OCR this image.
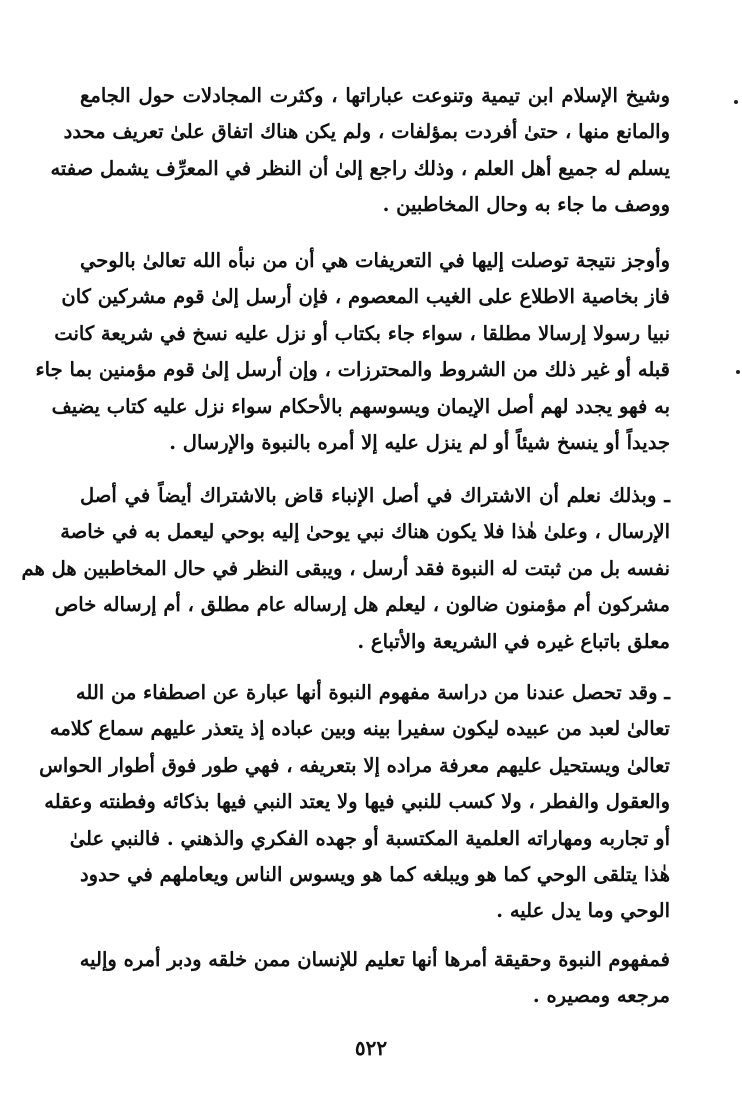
وشيخ الإسلام ابن تيمية وتنوعت عباراتها ، وكثرت المجادلات حول الجامع
والمانع منها ، حتىٰ أفردت بمؤلفات ، ولم يكن هناك اتفاق علىٰ تعريف محدد
يسلم له جميع أهل العلم ، وذلك راجع إلىٰ أن النظر في المعرِّف يشمل صفته
ووصف ما جاء به وحال المخاطبين .
وأوجز نتيجة توصلت إليها في التعريفات هي أن من نبأه الله تعالىٰ بالوحي
فاز بخاصية الاطلاع على الغيب المعصوم ، فإن أرسل إلىٰ قوم مشركين كان
نبيا رسولا إرسالا مطلقا ، سواء جاء بكتاب أو نزل عليه نسخ في شريعة كانت
قبله أو غير ذلك من الشروط والمحترزات ، وإن أرسل إلىٰ قوم مؤمنين بما جاء
به فهو يجدد لهم أصل الإيمان ويسوسهم بالأحكام سواء نزل عليه كتاب يضيف
جديداً أو ينسخ شيئاً أو لم ينزل عليه إلا أمره بالنبوة والإرسال .
ـ وبذلك نعلم أن الاشتراك في أصل الإنباء قاض بالاشتراك أيضاً في أصل
الإرسال ، وعلىٰ هٰذا فلا يكون هناك نبي يوحىٰ إليه بوحي ليعمل به في خاصة
نفسه بل من ثبتت له النبوة فقد أرسل ، ويبقى النظر في حال المخاطبين هل هم
مشركون أم مؤمنون ضالون ، ليعلم هل إرساله عام مطلق ، أم إرساله خاص
معلق باتباع غيره في الشريعة والأتباع .
ـ وقد تحصل عندنا من دراسة مفهوم النبوة أنها عبارة عن اصطفاء من الله
تعالىٰ لعبد من عبيده ليكون سفيرا بينه وبين عباده إذ يتعذر عليهم سماع كلامه
تعالىٰ ويستحيل عليهم معرفة مراده إلا بتعريفه ، فهي طور فوق أطوار الحواس
والعقول والفطر ، ولا كسب للنبي فيها ولا يعتد النبي فيها بذكائه وفطنته وعقله
أو تجاربه ومهاراته العلمية المكتسبة أو جهده الفكري والذهني . فالنبي علىٰ
هٰذا يتلقى الوحي كما هو ويبلغه كما هو ويسوس الناس ويعاملهم في حدود
الوحي وما يدل عليه .
فمفهوم النبوة وحقيقة أمرها أنها تعليم للإنسان ممن خلقه ودبر أمره وإليه
مرجعه ومصيره .
٥٢٢
